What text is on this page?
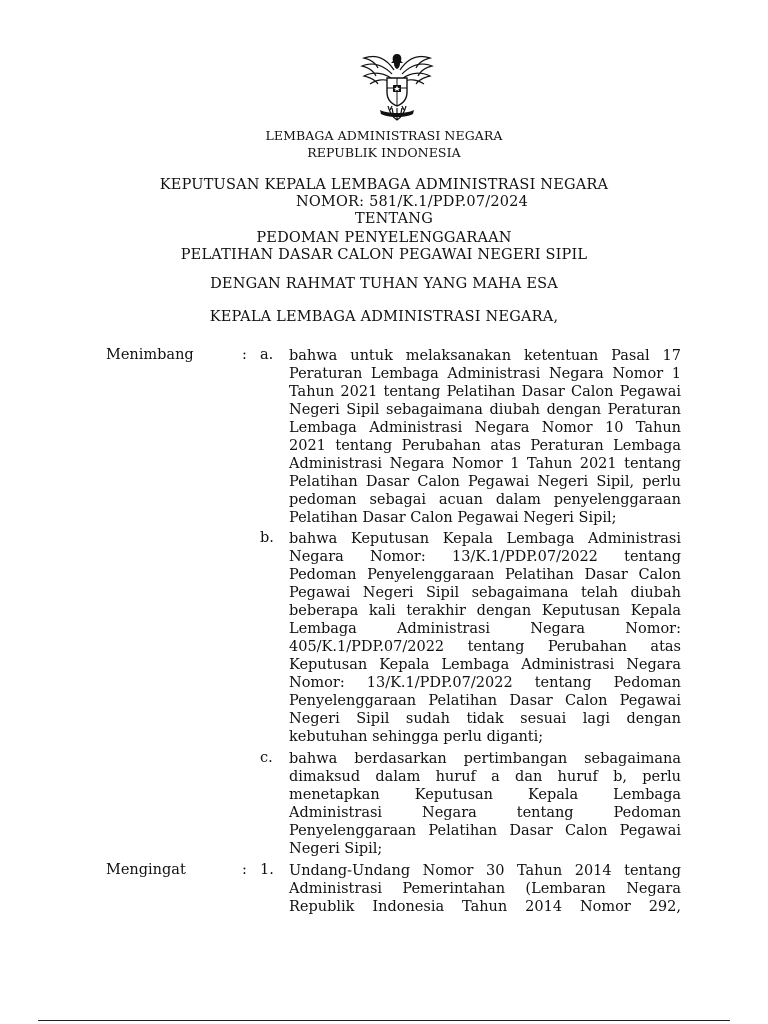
LEMBAGA ADMINISTRASI NEGARA
REPUBLIK INDONESIA
KEPUTUSAN KEPALA LEMBAGA ADMINISTRASI NEGARA
NOMOR: 581/K.1/PDP.07/2024
TENTANG
PEDOMAN PENYELENGGARAAN
PELATIHAN DASAR CALON PEGAWAI NEGERI SIPIL
DENGAN RAHMAT TUHAN YANG MAHA ESA
KEPALA LEMBAGA ADMINISTRASI NEGARA,
Menimbang	: a. bahwa untuk melaksanakan ketentuan Pasal 17
Peraturan Lembaga Administrasi Negara Nomor 1
Tahun 2021 tentang Pelatihan Dasar Calon Pegawai
Negeri Sipil sebagaimana diubah dengan Peraturan
Lembaga Administrasi Negara Nomor 10 Tahun
2021 tentang Perubahan atas Peraturan Lembaga
Administrasi Negara Nomor 1 Tahun 2021 tentang
Pelatihan Dasar Calon Pegawai Negeri Sipil, perlu
pedoman sebagai acuan dalam penyelenggaraan
Pelatihan Dasar Calon Pegawai Negeri Sipil;
b. bahwa Keputusan Kepala Lembaga Administrasi
Negara Nomor: 13/K.1/PDP.07/2022 tentang
Pedoman Penyelenggaraan Pelatihan Dasar Calon
Pegawai Negeri Sipil sebagaimana telah diubah
beberapa kali terakhir dengan Keputusan Kepala
Lembaga Administrasi Negara Nomor:
405/K.1/PDP.07/2022 tentang Perubahan atas
Keputusan Kepala Lembaga Administrasi Negara
Nomor: 13/K.1/PDP.07/2022 tentang Pedoman
Penyelenggaraan Pelatihan Dasar Calon Pegawai
Negeri Sipil sudah tidak sesuai lagi dengan
kebutuhan sehingga perlu diganti;
c. bahwa berdasarkan pertimbangan sebagaimana
dimaksud dalam huruf a dan huruf b, perlu
menetapkan Keputusan Kepala Lembaga
Administrasi Negara tentang Pedoman
Penyelenggaraan Pelatihan Dasar Calon Pegawai
Negeri Sipil;
Mengingat	: 1. Undang-Undang Nomor 30 Tahun 2014 tentang
Administrasi Pemerintahan (Lembaran Negara
Republik Indonesia Tahun 2014 Nomor 292,
